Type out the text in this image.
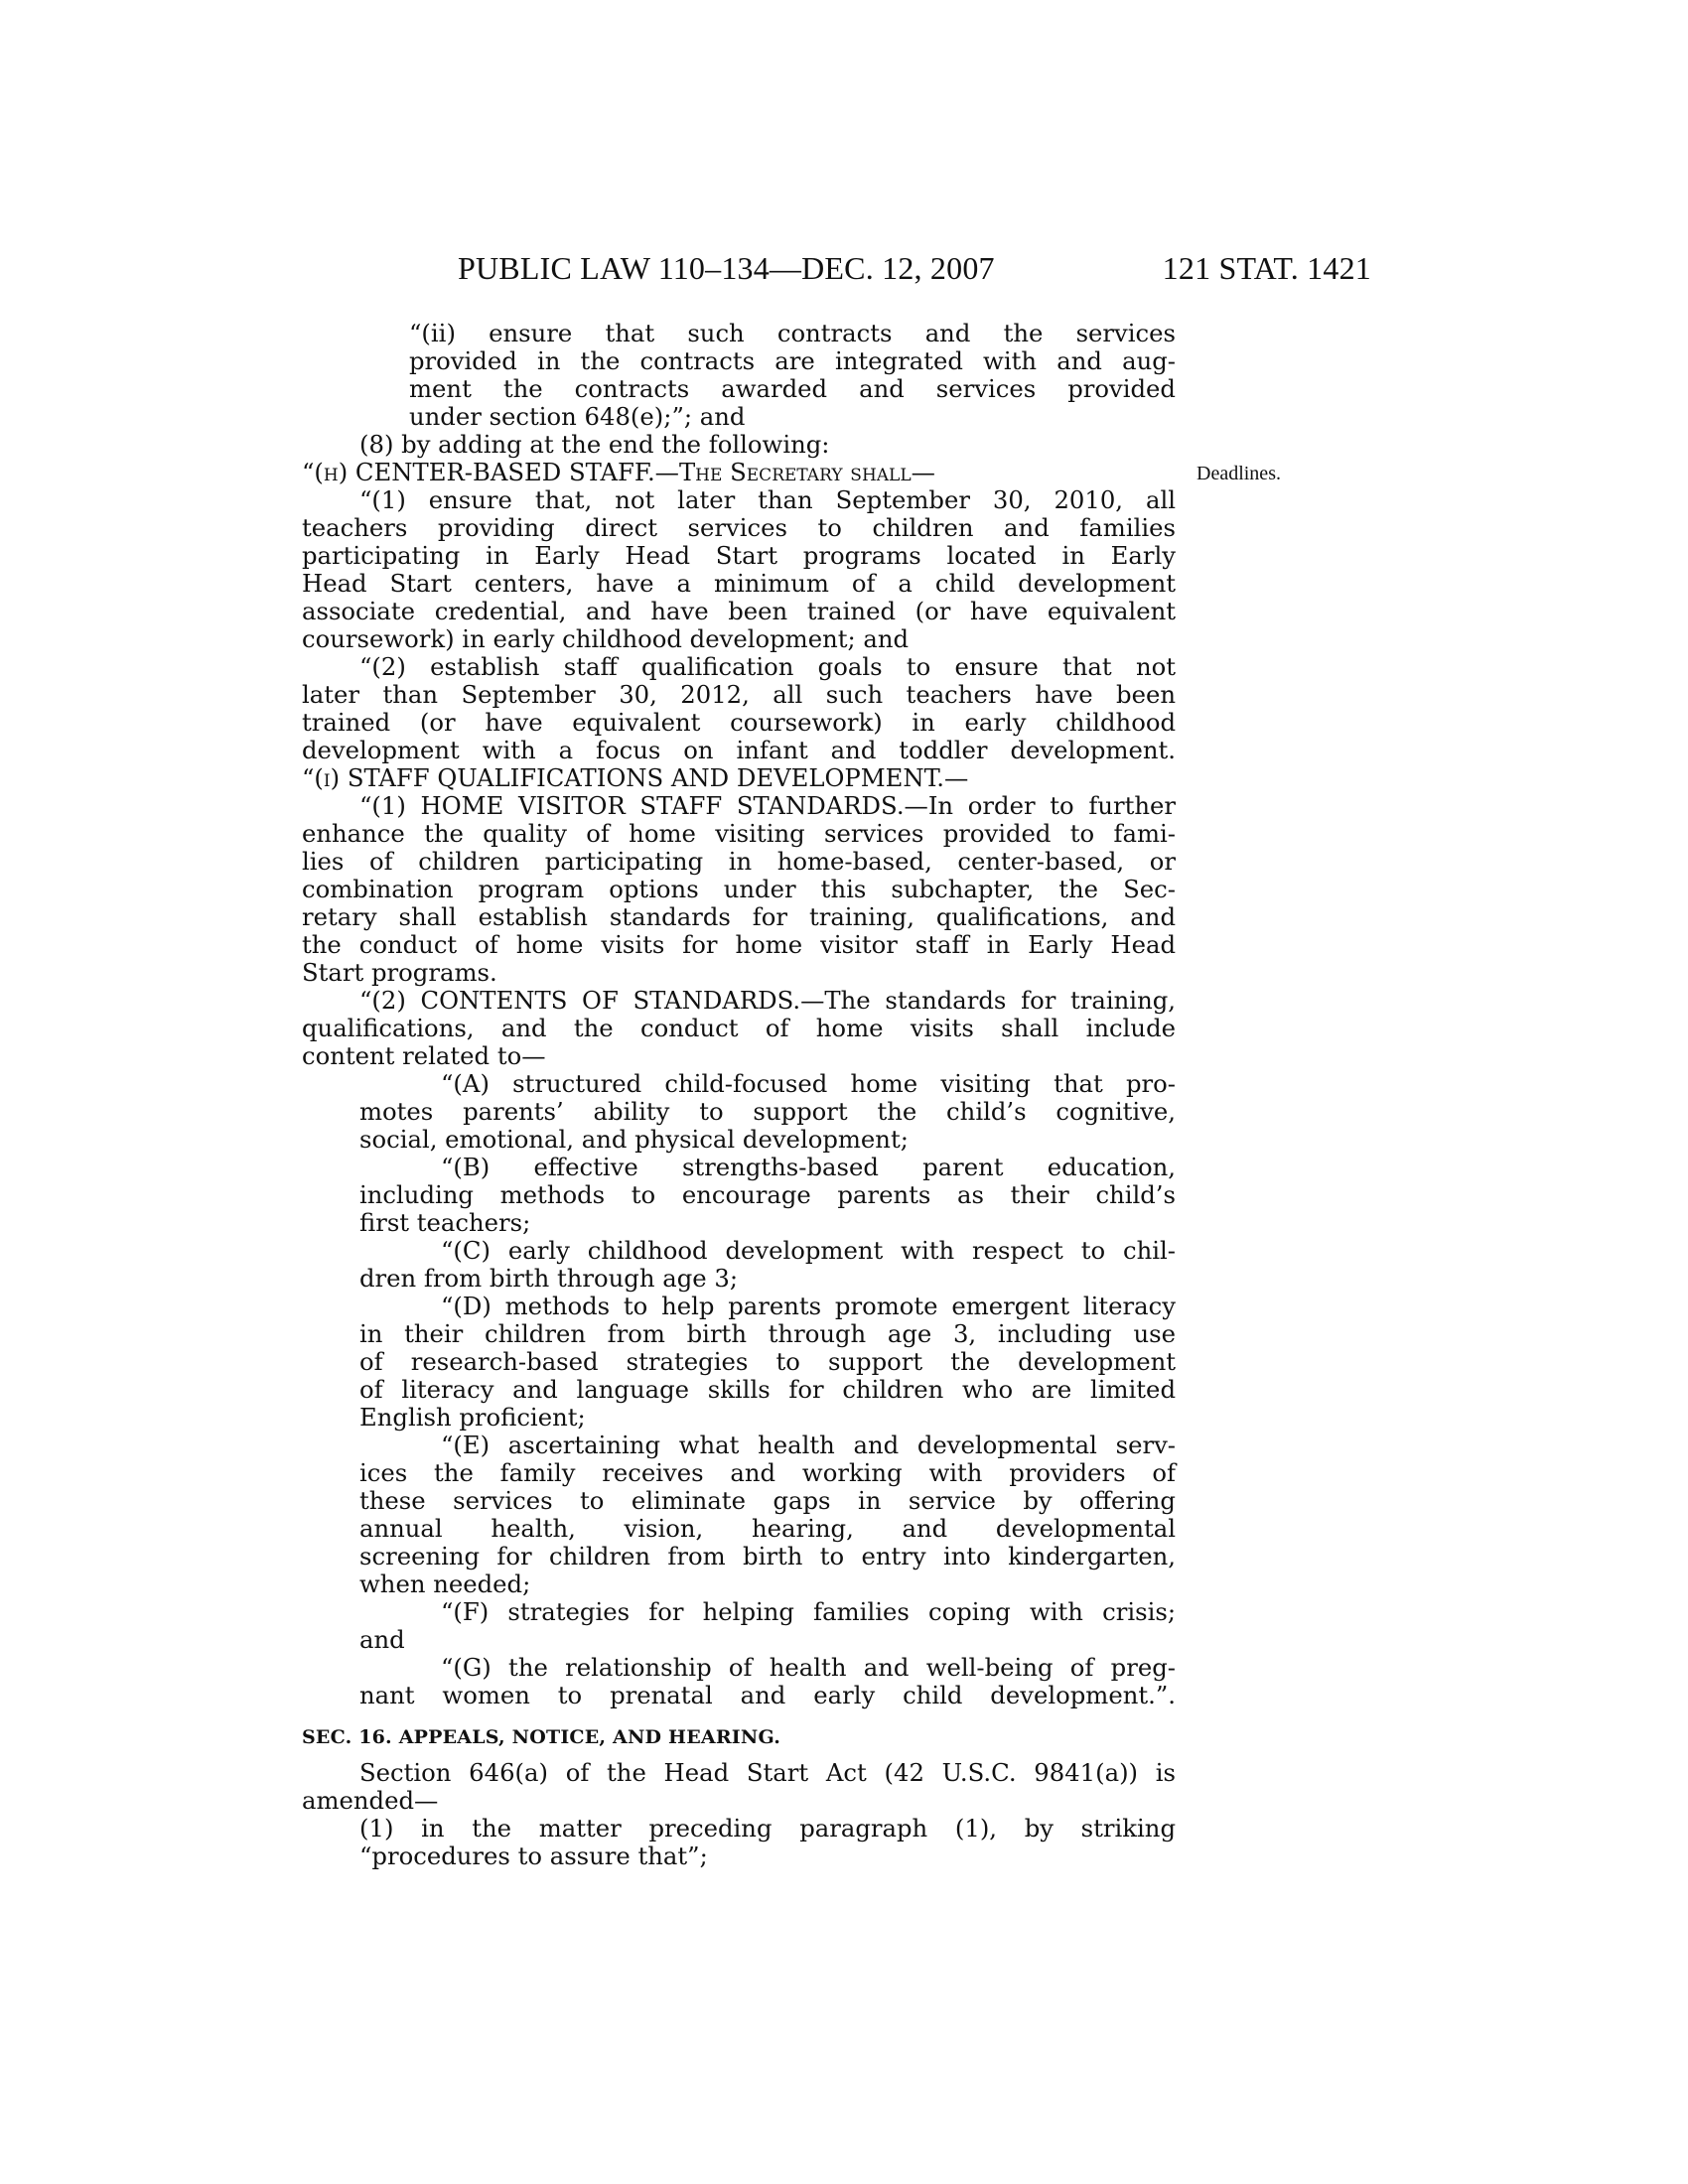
PUBLIC LAW 110–134—DEC. 12, 2007	121 STAT. 1421
Deadlines.
“(ii) ensure that such contracts and the services
provided in the contracts are integrated with and aug-
ment the contracts awarded and services provided
under section 648(e);”; and
(8) by adding at the end the following:
“(h) CENTER-BASED STAFF.—The Secretary shall—
“(1) ensure that, not later than September 30, 2010, all
teachers providing direct services to children and families
participating in Early Head Start programs located in Early
Head Start centers, have a minimum of a child development
associate credential, and have been trained (or have equivalent
coursework) in early childhood development; and
“(2) establish staff qualification goals to ensure that not
later than September 30, 2012, all such teachers have been
trained (or have equivalent coursework) in early childhood
development with a focus on infant and toddler development.
“(i) STAFF QUALIFICATIONS AND DEVELOPMENT.—
“(1) HOME VISITOR STAFF STANDARDS.—In order to further
enhance the quality of home visiting services provided to fami-
lies of children participating in home-based, center-based, or
combination program options under this subchapter, the Sec-
retary shall establish standards for training, qualifications, and
the conduct of home visits for home visitor staff in Early Head
Start programs.
“(2) CONTENTS OF STANDARDS.—The standards for training,
qualifications, and the conduct of home visits shall include
content related to—
“(A) structured child-focused home visiting that pro-
motes parents’ ability to support the child’s cognitive,
social, emotional, and physical development;
“(B) effective strengths-based parent education,
including methods to encourage parents as their child’s
first teachers;
“(C) early childhood development with respect to chil-
dren from birth through age 3;
“(D) methods to help parents promote emergent literacy
in their children from birth through age 3, including use
of research-based strategies to support the development
of literacy and language skills for children who are limited
English proficient;
“(E) ascertaining what health and developmental serv-
ices the family receives and working with providers of
these services to eliminate gaps in service by offering
annual health, vision, hearing, and developmental
screening for children from birth to entry into kindergarten,
when needed;
“(F) strategies for helping families coping with crisis;
and
“(G) the relationship of health and well-being of preg-
nant women to prenatal and early child development.”.
SEC. 16. APPEALS, NOTICE, AND HEARING.
Section 646(a) of the Head Start Act (42 U.S.C. 9841(a)) is
amended—
(1) in the matter preceding paragraph (1), by striking
“procedures to assure that”;
